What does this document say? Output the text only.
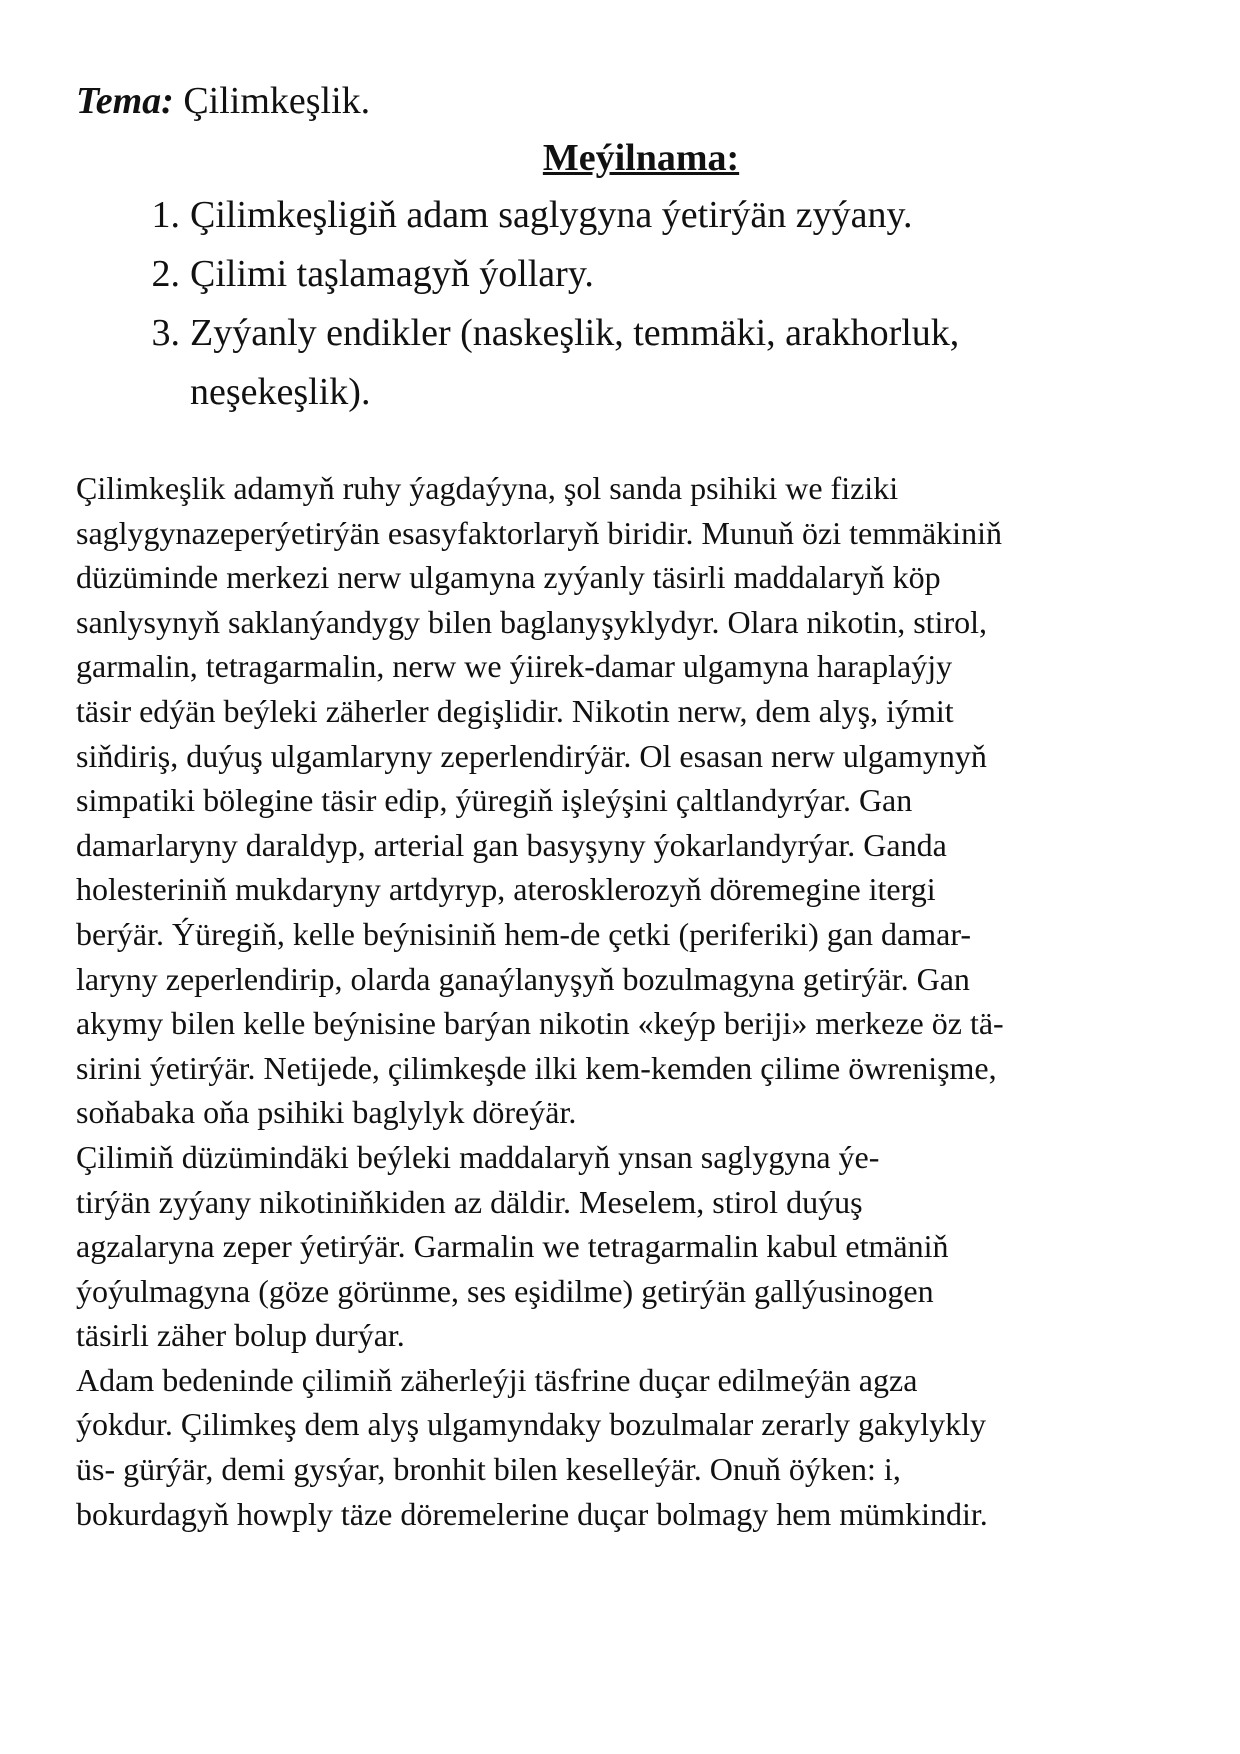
Tema: Çilimkeşlik.

Meýilnama:

1. Çilimkeşligiň adam saglygyna ýetirýän zyýany.
2. Çilimi taşlamagyň ýollary.
3. Zyýanly endikler (naskeşlik, temmäki, arakhorluk, neşekeşlik).

Çilimkeşlik adamyň ruhy ýagdaýyna, şol sanda psihiki we fiziki
saglygynazeperýetirýän esasyfaktorlaryň biridir. Munuň özi temmäkiniň
düzüminde merkezi nerw ulgamyna zyýanly täsirli maddalaryň köp
sanlysynyň saklanýandygy bilen baglanyşyklydyr. Olara nikotin, stirol,
garmalin, tetragarmalin, nerw we ýiirek-damar ulgamyna haraplaýjy
täsir edýän beýleki zäherler degişlidir. Nikotin nerw, dem alyş, iýmit
siňdiriş, duýuş ulgamlaryny zeperlendirýär. Ol esasan nerw ulgamynyň
simpatiki bölegine täsir edip, ýüregiň işleýşini çaltlandyrýar. Gan
damarlaryny daraldyp, arterial gan basyşyny ýokarlandyrýar. Ganda
holesteriniň mukdaryny artdyryp, aterosklerozyň döremegine itergi
berýär. Ýüregiň, kelle beýnisiniň hem-de çetki (periferiki) gan damar-
laryny zeperlendirip, olarda ganaýlanyşyň bozulmagyna getirýär. Gan
akymy bilen kelle beýnisine barýan nikotin «keýp beriji» merkeze öz tä-
sirini ýetirýär. Netijede, çilimkeşde ilki kem-kemden çilime öwrenişme,
soňabaka oňa psihiki baglylyk döreýär.

Çilimiň düzümindäki beýleki maddalaryň ynsan saglygyna ýe-
tirýän zyýany nikotiniňkiden az däldir. Meselem, stirol duýuş
agzalaryna zeper ýetirýär. Garmalin we tetragarmalin kabul etmäniň
ýoýulmagyna (göze görünme, ses eşidilme) getirýän gallýusinogen
täsirli zäher bolup durýar.

Adam bedeninde çilimiň zäherleýji täsfrine duçar edilmeýän agza
ýokdur. Çilimkeş dem alyş ulgamyndaky bozulmalar zerarly gakylykly
üs- gürýär, demi gysýar, bronhit bilen keselleýär. Onuň öýken: i,
bokurdagyň howply täze döremelerine duçar bolmagy hem mümkindir.
